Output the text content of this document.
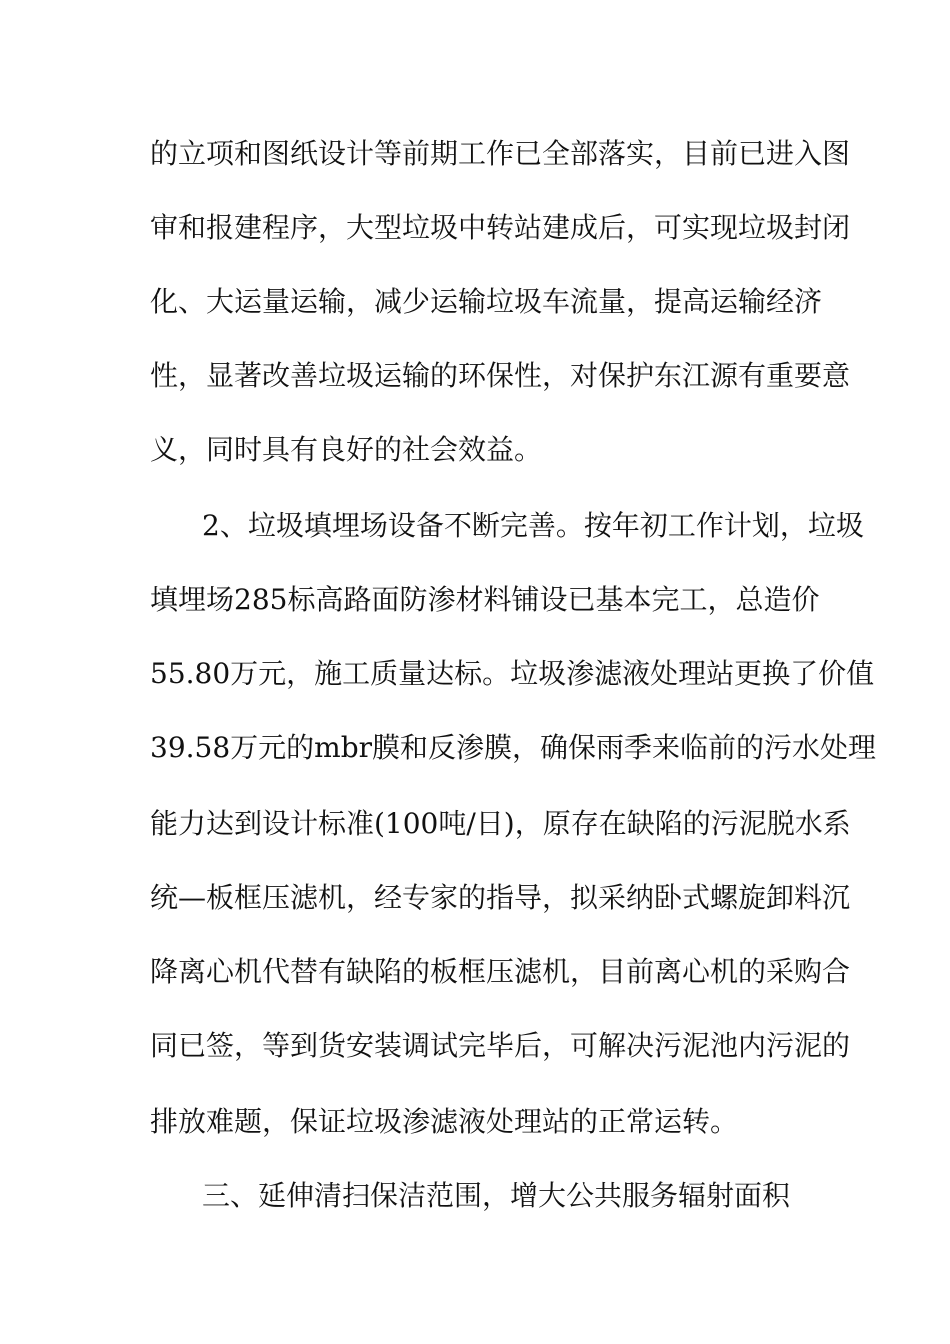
的立项和图纸设计等前期工作已全部落实，目前已进入图
审和报建程序，大型垃圾中转站建成后，可实现垃圾封闭
化、大运量运输，减少运输垃圾车流量，提高运输经济
性，显著改善垃圾运输的环保性，对保护东江源有重要意
义，同时具有良好的社会效益。
2、垃圾填埋场设备不断完善。按年初工作计划，垃圾
填埋场285标高路面防渗材料铺设已基本完工，总造价
55.80万元，施工质量达标。垃圾渗滤液处理站更换了价值
39.58万元的mbr膜和反渗膜，确保雨季来临前的污水处理
能力达到设计标准(100吨/日)，原存在缺陷的污泥脱水系
统—板框压滤机，经专家的指导，拟采纳卧式螺旋卸料沉
降离心机代替有缺陷的板框压滤机，目前离心机的采购合
同已签，等到货安装调试完毕后，可解决污泥池内污泥的
排放难题，保证垃圾渗滤液处理站的正常运转。
三、延伸清扫保洁范围，增大公共服务辐射面积
